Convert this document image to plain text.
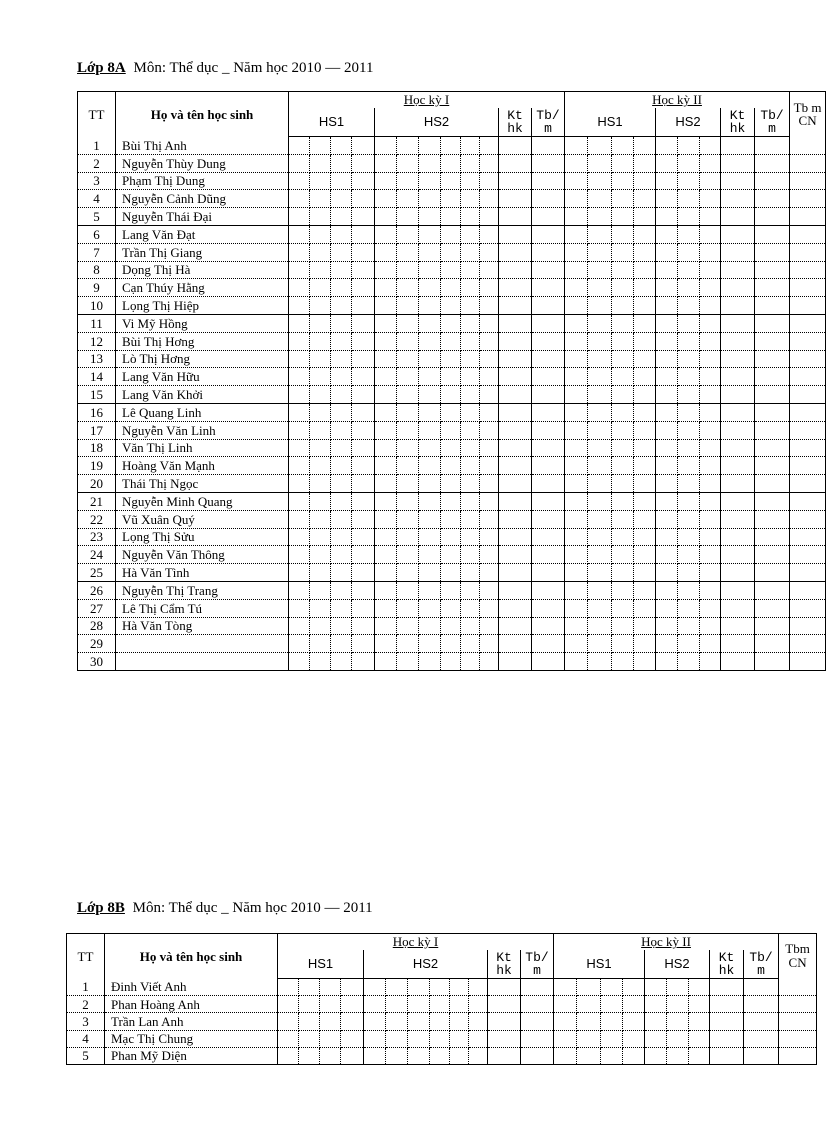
Lớp 8A Môn: Thể dục _ Năm học 2010 — 2011
TT	Họ và tên học sinh	Học kỳ I												Học kỳ II									Tb m CN
		HS1				HS2						Kt hk	Tb/ m	HS1				HS2			Kt hk	Tb/ m	
1	Bùi Thị Anh																						
2	Nguyễn Thùy Dung																						
3	Phạm Thị Dung																						
4	Nguyễn Cảnh Dũng																						
5	Nguyễn Thái Đại																						
6	Lang Văn Đạt																						
7	Trần Thị Giang																						
8	Dọng Thị Hà																						
9	Cạn Thúy Hằng																						
10	Lọng Thị Hiệp																						
11	Vi Mỹ Hồng																						
12	Bùi Thị Hơng																						
13	Lò Thị Hơng																						
14	Lang Văn Hữu																						
15	Lang Văn Khởi																						
16	Lê Quang Linh																						
17	Nguyễn Văn Linh																						
18	Văn Thị Linh																						
19	Hoàng Văn Mạnh																						
20	Thái Thị Ngọc																						
21	Nguyễn Minh Quang																						
22	Vũ Xuân Quý																						
23	Lọng Thị Sửu																						
24	Nguyễn Văn Thông																						
25	Hà Văn Tình																						
26	Nguyễn Thị Trang																						
27	Lê Thị Cẩm Tú																						
28	Hà Văn Tòng																						
29																							
30																							
Lớp 8B Môn: Thể dục _ Năm học 2010 — 2011
TT	Họ và tên học sinh	Học kỳ I												Học kỳ II									Tbm CN
		HS1				HS2						Kt hk	Tb/ m	HS1				HS2			Kt hk	Tb/ m	
1	Đinh Viết Anh																						
2	Phan Hoàng Anh																						
3	Trần Lan Anh																						
4	Mạc Thị Chung																						
5	Phan Mỹ Diện																						
